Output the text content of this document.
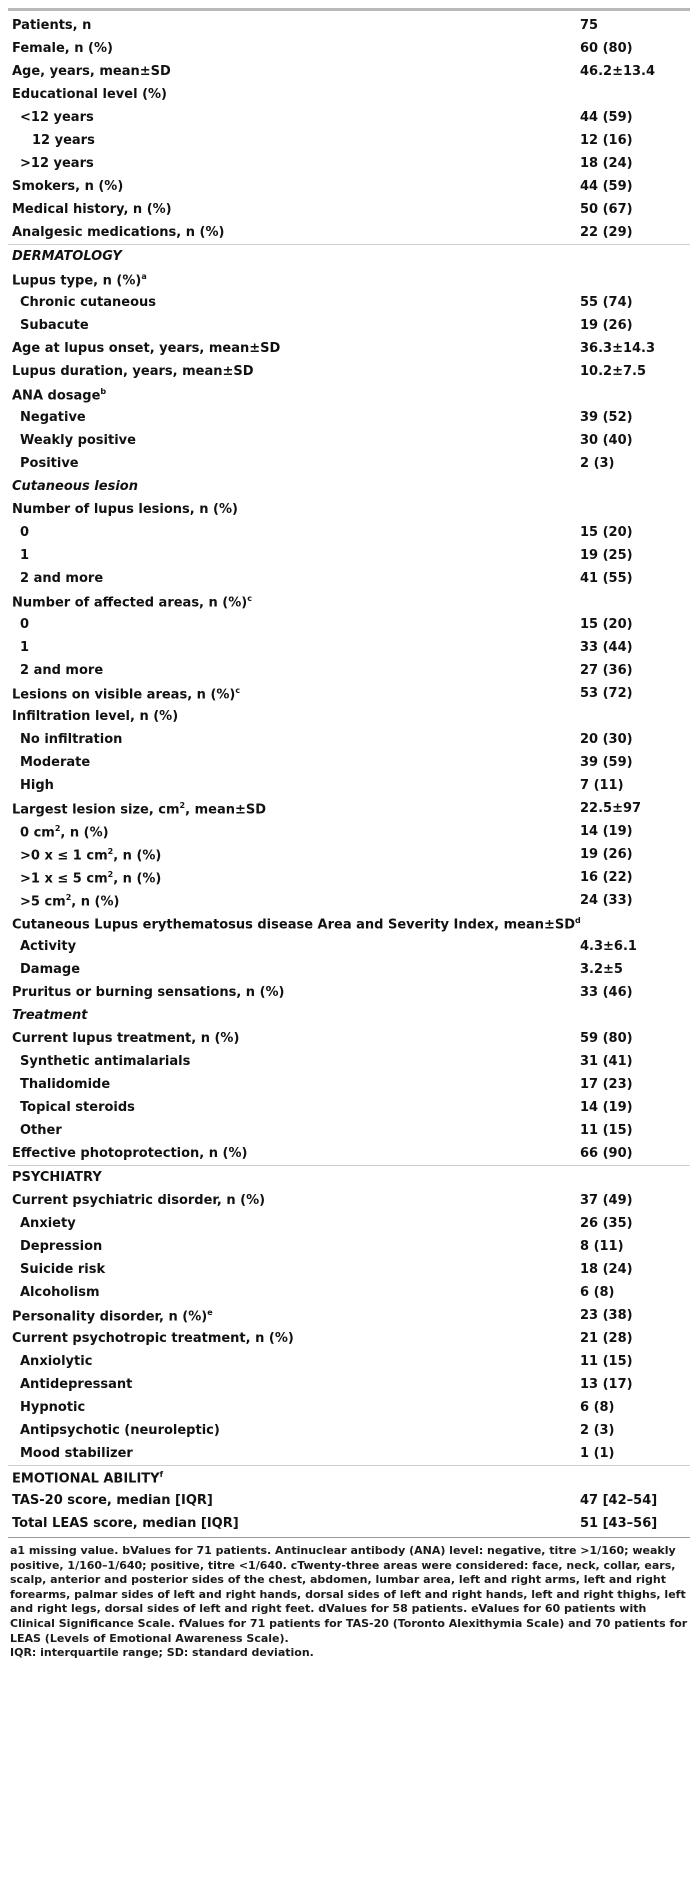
Patients, n	75
Female, n (%)	60 (80)
Age, years, mean±SD	46.2±13.4
Educational level (%)	
<12 years	44 (59)
12 years	12 (16)
>12 years	18 (24)
Smokers, n (%)	44 (59)
Medical history, n (%)	50 (67)
Analgesic medications, n (%)	22 (29)
DERMATOLOGY	
Lupus type, n (%)$^a$	
Chronic cutaneous	55 (74)
Subacute	19 (26)
Age at lupus onset, years, mean±SD	36.3±14.3
Lupus duration, years, mean±SD	10.2±7.5
ANA dosage$^b$	
Negative	39 (52)
Weakly positive	30 (40)
Positive	2 (3)
Cutaneous lesion	
Number of lupus lesions, n (%)	
0	15 (20)
1	19 (25)
2 and more	41 (55)
Number of affected areas, n (%)$^c$	
0	15 (20)
1	33 (44)
2 and more	27 (36)
Lesions on visible areas, n (%)$^c$	53 (72)
Infiltration level, n (%)	
No infiltration	20 (30)
Moderate	39 (59)
High	7 (11)
Largest lesion size, $cm^2$, mean±SD	22.5±97
0 $cm^2$, n (%)	14 (19)
>0 x ≤ 1 $cm^2$, n (%)	19 (26)
>1 x ≤ 5 $cm^2$, n (%)	16 (22)
>5 $cm^2$, n (%)	24 (33)
Cutaneous Lupus erythematosus disease Area and Severity Index, $mean\pm SD^d$	
Activity	4.3±6.1
Damage	3.2±5
Pruritus or burning sensations, n (%)	33 (46)
Treatment	
Current lupus treatment, n (%)	59 (80)
Synthetic antimalarials	31 (41)
Thalidomide	17 (23)
Topical steroids	14 (19)
Other	11 (15)
Effective photoprotection, n (%)	66 (90)
PSYCHIATRY	
Current psychiatric disorder, n (%)	37 (49)
Anxiety	26 (35)
Depression	8 (11)
Suicide risk	18 (24)
Alcoholism	6 (8)
Personality disorder, n (%)$^e$	23 (38)
Current psychotropic treatment, n (%)	21 (28)
Anxiolytic	11 (15)
Antidepressant	13 (17)
Hypnotic	6 (8)
Antipsychotic (neuroleptic)	2 (3)
Mood stabilizer	1 (1)
EMOTIONAL ABILITY$^f$	
TAS-20 score, median [IQR]	47 [42–54]
Total LEAS score, median [IQR]	51 [43–56]

a1 missing value. bValues for 71 patients. Antinuclear antibody (ANA) level: negative, titre >1/160; weakly positive, 1/160–1/640; positive, titre <1/640. cTwenty-three areas were considered: face, neck, collar, ears, scalp, anterior and posterior sides of the chest, abdomen, lumbar area, left and right arms, left and right forearms, palmar sides of left and right hands, dorsal sides of left and right hands, left and right thighs, left and right legs, dorsal sides of left and right feet. dValues for 58 patients. eValues for 60 patients with Clinical Significance Scale. fValues for 71 patients for TAS-20 (Toronto Alexithymia Scale) and 70 patients for LEAS (Levels of Emotional Awareness Scale).

IQR: interquartile range; SD: standard deviation.
